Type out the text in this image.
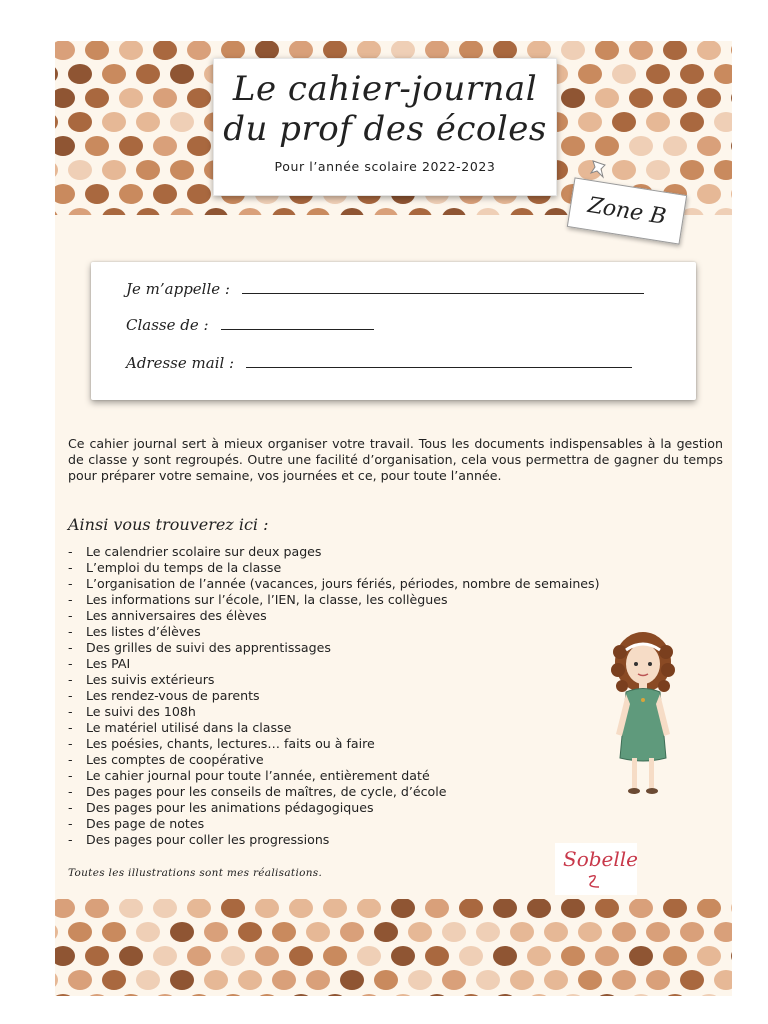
Le cahier-journal
du prof des écoles
Pour l’année scolaire 2022-2023
Zone B
Je m’appelle :
Classe de :
Adresse mail :
Ce cahier journal sert à mieux organiser votre travail. Tous les documents indispensables à la gestion de classe y sont regroupés. Outre une facilité d’organisation, cela vous permettra de gagner du temps pour préparer votre semaine, vos journées et ce, pour toute l’année.
Ainsi vous trouverez ici :
-	Le calendrier scolaire sur deux pages
-	L’emploi du temps de la classe
-	L’organisation de l’année (vacances, jours fériés, périodes, nombre de semaines)
-	Les informations sur l’école, l’IEN, la classe, les collègues
-	Les anniversaires des élèves
-	Les listes d’élèves
-	Des grilles de suivi des apprentissages
-	Les PAI
-	Les suivis extérieurs
-	Les rendez-vous de parents
-	Le suivi des 108h
-	Le matériel utilisé dans la classe
-	Les poésies, chants, lectures… faits ou à faire
-	Les comptes de coopérative
-	Le cahier journal pour toute l’année, entièrement daté
-	Des pages pour les conseils de maîtres, de cycle, d’école
-	Des pages pour les animations pédagogiques
-	Des page de notes
-	Des pages pour coller les progressions
Toutes les illustrations sont mes réalisations.
Sobelle
